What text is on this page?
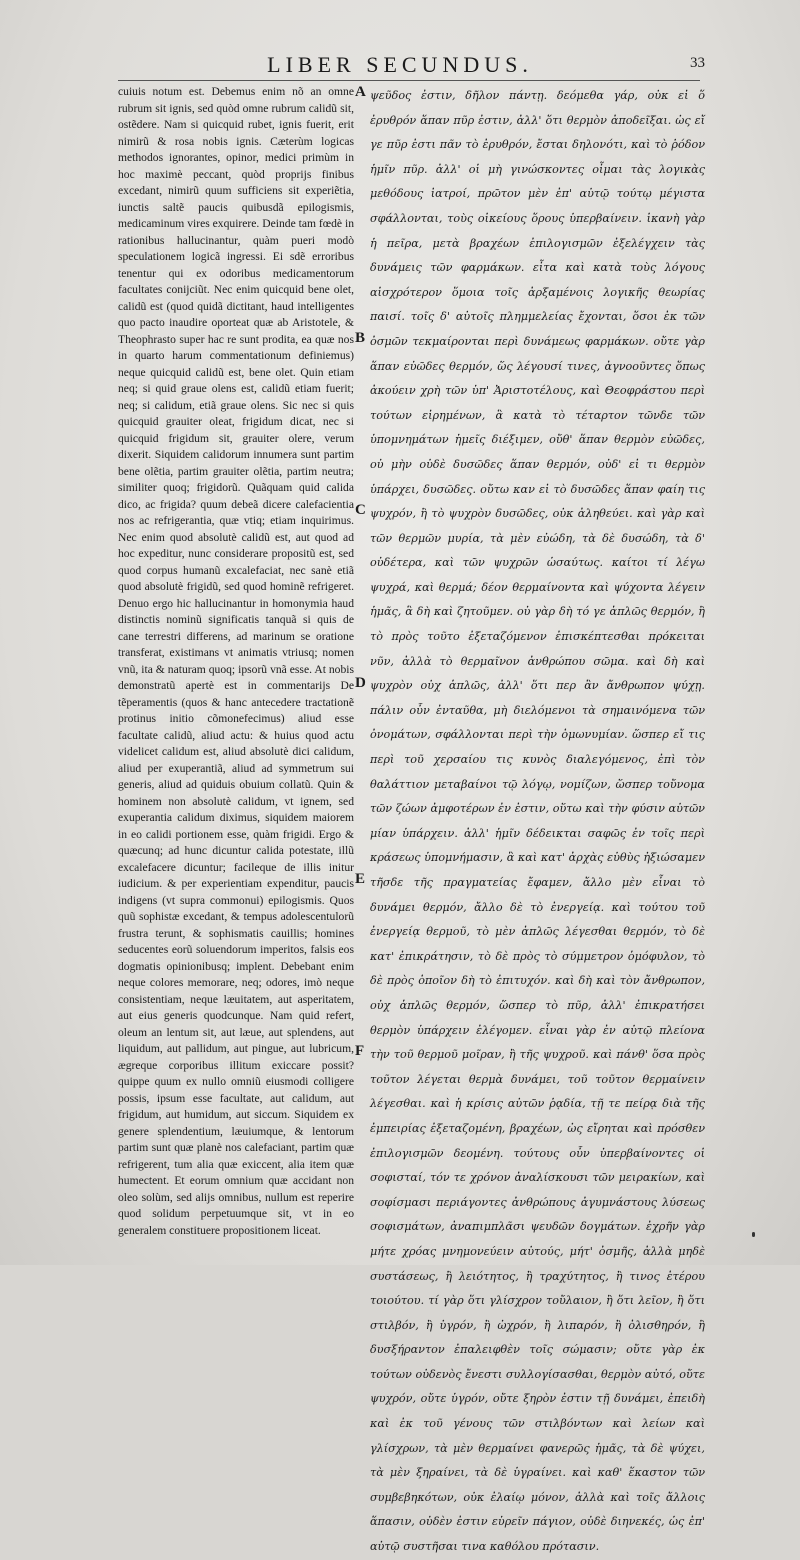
LIBER SECUNDUS.	33

cuiuis notum est. Debemus enim nõ an omne rubrum sit ignis, sed quòd omne rubrum calidũ sit, ostẽdere. Nam si quicquid rubet, ignis fuerit, erit nimirũ & rosa nobis ignis. Cæterùm logicas methodos ignorantes, opinor, medici primùm in hoc maximè peccant, quòd proprijs finibus excedant, nimirũ quum sufficiens sit experiẽtia, iunctis saltẽ paucis quibusdã epilogismis, medicaminum vires exquirere. Deinde tam fœdè in rationibus hallucinantur, quàm pueri modò speculationem logicã ingressi. Ei sdẽ erroribus tenentur qui ex odoribus medicamentorum facultates conijciũt. Nec enim quicquid bene olet, calidũ est (quod quidã dictitant, haud intelligentes quo pacto inaudire oporteat quæ ab Aristotele, & Theophrasto super hac re sunt prodita, ea quæ nos in quarto harum commentationum definiemus) neque quicquid calidũ est, bene olet. Quin etiam neq; si quid graue olens est, calidũ etiam fuerit; neq; si calidum, etiã graue olens. Sic nec si quis quicquid grauiter oleat, frigidum dicat, nec si quicquid frigidum sit, grauiter olere, verum dixerit. Siquidem calidorum innumera sunt partim bene olẽtia, partim grauiter olẽtia, partim neutra; similiter quoq; frigidorũ. Quãquam quid calida dico, ac frigida? quum debeã dicere calefacientia nos ac refrigerantia, quæ vtiq; etiam inquirimus. Nec enim quod absolutè calidũ est, aut quod ad hoc expeditur, nunc considerare propositũ est, sed quod corpus humanũ excalefaciat, nec sanè etiã quod absolutè frigidũ, sed quod hominẽ refrigeret. Denuo ergo hic hallucinantur in homonymia haud distinctis nominũ significatis tanquã si quis de cane terrestri differens, ad marinum se oratione transferat, existimans vt animatis vtriusq; nomen vnũ, ita & naturam quoq; ipsorũ vnã esse. At nobis demonstratũ apertè est in commentarijs De tẽperamentis (quos & hanc antecedere tractationẽ protinus initio cõmonefecimus) aliud esse facultate calidũ, aliud actu: & huius quod actu videlicet calidum est, aliud absolutè dici calidum, aliud per exuperantiã, aliud ad symmetrum sui generis, aliud ad quiduis obuium collatũ. Quin & hominem non absolutè calidum, vt ignem, sed exuperantia calidum diximus, siquidem maiorem in eo calidi portionem esse, quàm frigidi. Ergo & quæcunq; ad hunc dicuntur calida potestate, illũ excalefacere dicuntur; facileque de illis initur iudicium. & per experientiam expenditur, paucis indigens (vt supra commonui) epilogismis. Quos quũ sophistæ excedant, & tempus adolescentulorũ frustra terunt, & sophismatis cauillis; homines seducentes eorũ soluendorum imperitos, falsis eos dogmatis opinionibusq; implent. Debebant enim neque colores memorare, neq; odores, imò neque consistentiam, neque læuitatem, aut asperitatem, aut eius generis quodcunque. Nam quid refert, oleum an lentum sit, aut læue, aut splendens, aut liquidum, aut pallidum, aut pingue, aut lubricum, ægreque corporibus illitum exiccare possit? quippe quum ex nullo omniũ eiusmodi colligere possis, ipsum esse facultate, aut calidum, aut frigidum, aut humidum, aut siccum. Siquidem ex genere splendentium, læuiumque, & lentorum partim sunt quæ planè nos calefaciant, partim quæ refrigerent, tum alia quæ exiccent, alia item quæ humectent. Et eorum omnium quæ accidant non oleo solùm, sed alijs omnibus, nullum est reperire quod solidum perpetuumque sit, vt in eo generalem constituere propositionem liceat.

A
B
C
D
E
F

ψεῦδος ἐστιν, δῆλον πάντῃ. δεόμεθα γάρ, οὐκ εἰ ὅ ἐρυθρόν ἅπαν πῦρ ἐστιν, ἀλλ' ὅτι θερμὸν ἀποδεῖξαι. ὡς εἴ γε πῦρ ἐστι πᾶν τὸ ἐρυθρόν, ἔσται δηλονότι, καὶ τὸ ῥόδον ἡμῖν πῦρ. ἀλλ' οἱ μὴ γινώσκοντες οἶμαι τὰς λογικὰς μεθόδους ἰατροί, πρῶτον μὲν ἐπ' αὐτῷ τούτῳ μέγιστα σφάλλονται, τοὺς οἰκείους ὅρους ὑπερβαίνειν. ἱκανὴ γὰρ ἡ πεῖρα, μετὰ βραχέων ἐπιλογισμῶν ἐξελέγχειν τὰς δυνάμεις τῶν φαρμάκων. εἶτα καὶ κατὰ τοὺς λόγους αἰσχρότερον ὅμοια τοῖς ἀρξαμένοις λογικῆς θεωρίας παισί. τοῖς δ' αὐτοῖς πλημμελείας ἔχονται, ὅσοι ἐκ τῶν ὀσμῶν τεκμαίρονται περὶ δυνάμεως φαρμάκων. οὔτε γὰρ ἅπαν εὐῶδες θερμόν, ὥς λέγουσί τινες, ἀγνοοῦντες ὅπως ἀκούειν χρὴ τῶν ὑπ' Ἀριστοτέλους, καὶ Θεοφράστου περὶ τούτων εἰρημένων, ἃ κατὰ τὸ τέταρτον τῶνδε τῶν ὑπομνημάτων ἡμεῖς διέξιμεν, οὔθ' ἅπαν θερμὸν εὐῶδες, οὐ μὴν οὐδὲ δυσῶδες ἅπαν θερμόν, οὐδ' εἰ τι θερμὸν ὑπάρχει, δυσῶδες. οὔτω καν εἰ τὸ δυσῶδες ἅπαν φαίη τις ψυχρόν, ἢ τὸ ψυχρὸν δυσῶδες, οὐκ ἀληθεύει. καὶ γὰρ καὶ τῶν θερμῶν μυρία, τὰ μὲν εὐώδη, τὰ δὲ δυσώδη, τὰ δ' οὐδέτερα, καὶ τῶν ψυχρῶν ὡσαύτως. καίτοι τί λέγω ψυχρά, καὶ θερμά; δέον θερμαίνοντα καὶ ψύχοντα λέγειν ἡμᾶς, ἃ δὴ καὶ ζητοῦμεν. οὐ γὰρ δὴ τό γε ἁπλῶς θερμόν, ἢ τὸ πρὸς τοῦτο ἐξεταζόμενον ἐπισκέπτεσθαι πρόκειται νῦν, ἀλλὰ τὸ θερμαῖνον ἀνθρώπου σῶμα. καὶ δὴ καὶ ψυχρὸν οὐχ ἁπλῶς, ἀλλ' ὅτι περ ἂν ἄνθρωπον ψύχῃ. πάλιν οὖν ἐνταῦθα, μὴ διελόμενοι τὰ σημαινόμενα τῶν ὀνομάτων, σφάλλονται περὶ τὴν ὁμωνυμίαν. ὥσπερ εἴ τις περὶ τοῦ χερσαίου τις κυνὸς διαλεγόμενος, ἐπὶ τὸν θαλάττιον μεταβαίνοι τῷ λόγῳ, νομίζων, ὥσπερ τοὔνομα τῶν ζώων ἀμφοτέρων ἐν ἐστιν, οὕτω καὶ τὴν φύσιν αὐτῶν μίαν ὑπάρχειν. ἀλλ' ἡμῖν δέδεικται σαφῶς ἐν τοῖς περὶ κράσεως ὑπομνήμασιν, ἃ καὶ κατ' ἀρχὰς εὐθὺς ἠξιώσαμεν τῆσδε τῆς πραγματείας ἔφαμεν, ἄλλο μὲν εἶναι τὸ δυνάμει θερμόν, ἄλλο δὲ τὸ ἐνεργείᾳ. καὶ τούτου τοῦ ἐνεργείᾳ θερμοῦ, τὸ μὲν ἁπλῶς λέγεσθαι θερμόν, τὸ δὲ κατ' ἐπικράτησιν, τὸ δὲ πρὸς τὸ σύμμετρον ὁμόφυλον, τὸ δὲ πρὸς ὁποῖον δὴ τὸ ἐπιτυχόν. καὶ δὴ καὶ τὸν ἄνθρωπον, οὐχ ἁπλῶς θερμόν, ὥσπερ τὸ πῦρ, ἀλλ' ἐπικρατήσει θερμὸν ὑπάρχειν ἐλέγομεν. εἶναι γὰρ ἐν αὐτῷ πλείονα τὴν τοῦ θερμοῦ μοῖραν, ἢ τῆς ψυχροῦ. καὶ πάνθ' ὅσα πρὸς τοῦτον λέγεται θερμὰ δυνάμει, τοῦ τοῦτον θερμαίνειν λέγεσθαι. καὶ ἡ κρίσις αὐτῶν ῥᾳδία, τῇ τε πείρᾳ διὰ τῆς ἐμπειρίας ἐξεταζομένη, βραχέων, ὡς εἴρηται καὶ πρόσθεν ἐπιλογισμῶν δεομένη. τούτους οὖν ὑπερβαίνοντες οἱ σοφισταί, τόν τε χρόνον ἀναλίσκουσι τῶν μειρακίων, καὶ σοφίσμασι περιάγοντες ἀνθρώπους ἀγυμνάστους λύσεως σοφισμάτων, ἀναπιμπλᾶσι ψευδῶν δογμάτων. ἐχρῆν γὰρ μήτε χρόας μνημονεύειν αὐτούς, μήτ' ὀσμῆς, ἀλλὰ μηδὲ συστάσεως, ἢ λειότητος, ἢ τραχύτητος, ἢ τινος ἑτέρου τοιούτου. τί γὰρ ὅτι γλίσχρον τοὔλαιον, ἢ ὅτι λεῖον, ἢ ὅτι στιλβόν, ἢ ὑγρόν, ἢ ὠχρόν, ἢ λιπαρόν, ἢ ὀλισθηρόν, ἢ δυσξήραντον ἐπαλειφθὲν τοῖς σώμασιν; οὔτε γὰρ ἐκ τούτων οὐδενὸς ἔνεστι συλλογίσασθαι, θερμὸν αὐτό, οὔτε ψυχρόν, οὔτε ὑγρόν, οὔτε ξηρὸν ἐστιν τῇ δυνάμει, ἐπειδὴ καὶ ἐκ τοῦ γένους τῶν στιλβόντων καὶ λείων καὶ γλίσχρων, τὰ μὲν θερμαίνει φανερῶς ἡμᾶς, τὰ δὲ ψύχει, τὰ μὲν ξηραίνει, τὰ δὲ ὑγραίνει. καὶ καθ' ἕκαστον τῶν συμβεβηκότων, οὐκ ἐλαίῳ μόνον, ἀλλὰ καὶ τοῖς ἄλλοις ἅπασιν, οὐδὲν ἐστιν εὑρεῖν πάγιον, οὐδὲ διηνεκές, ὡς ἐπ' αὐτῷ συστῆσαι τινα καθόλου πρότασιν.
